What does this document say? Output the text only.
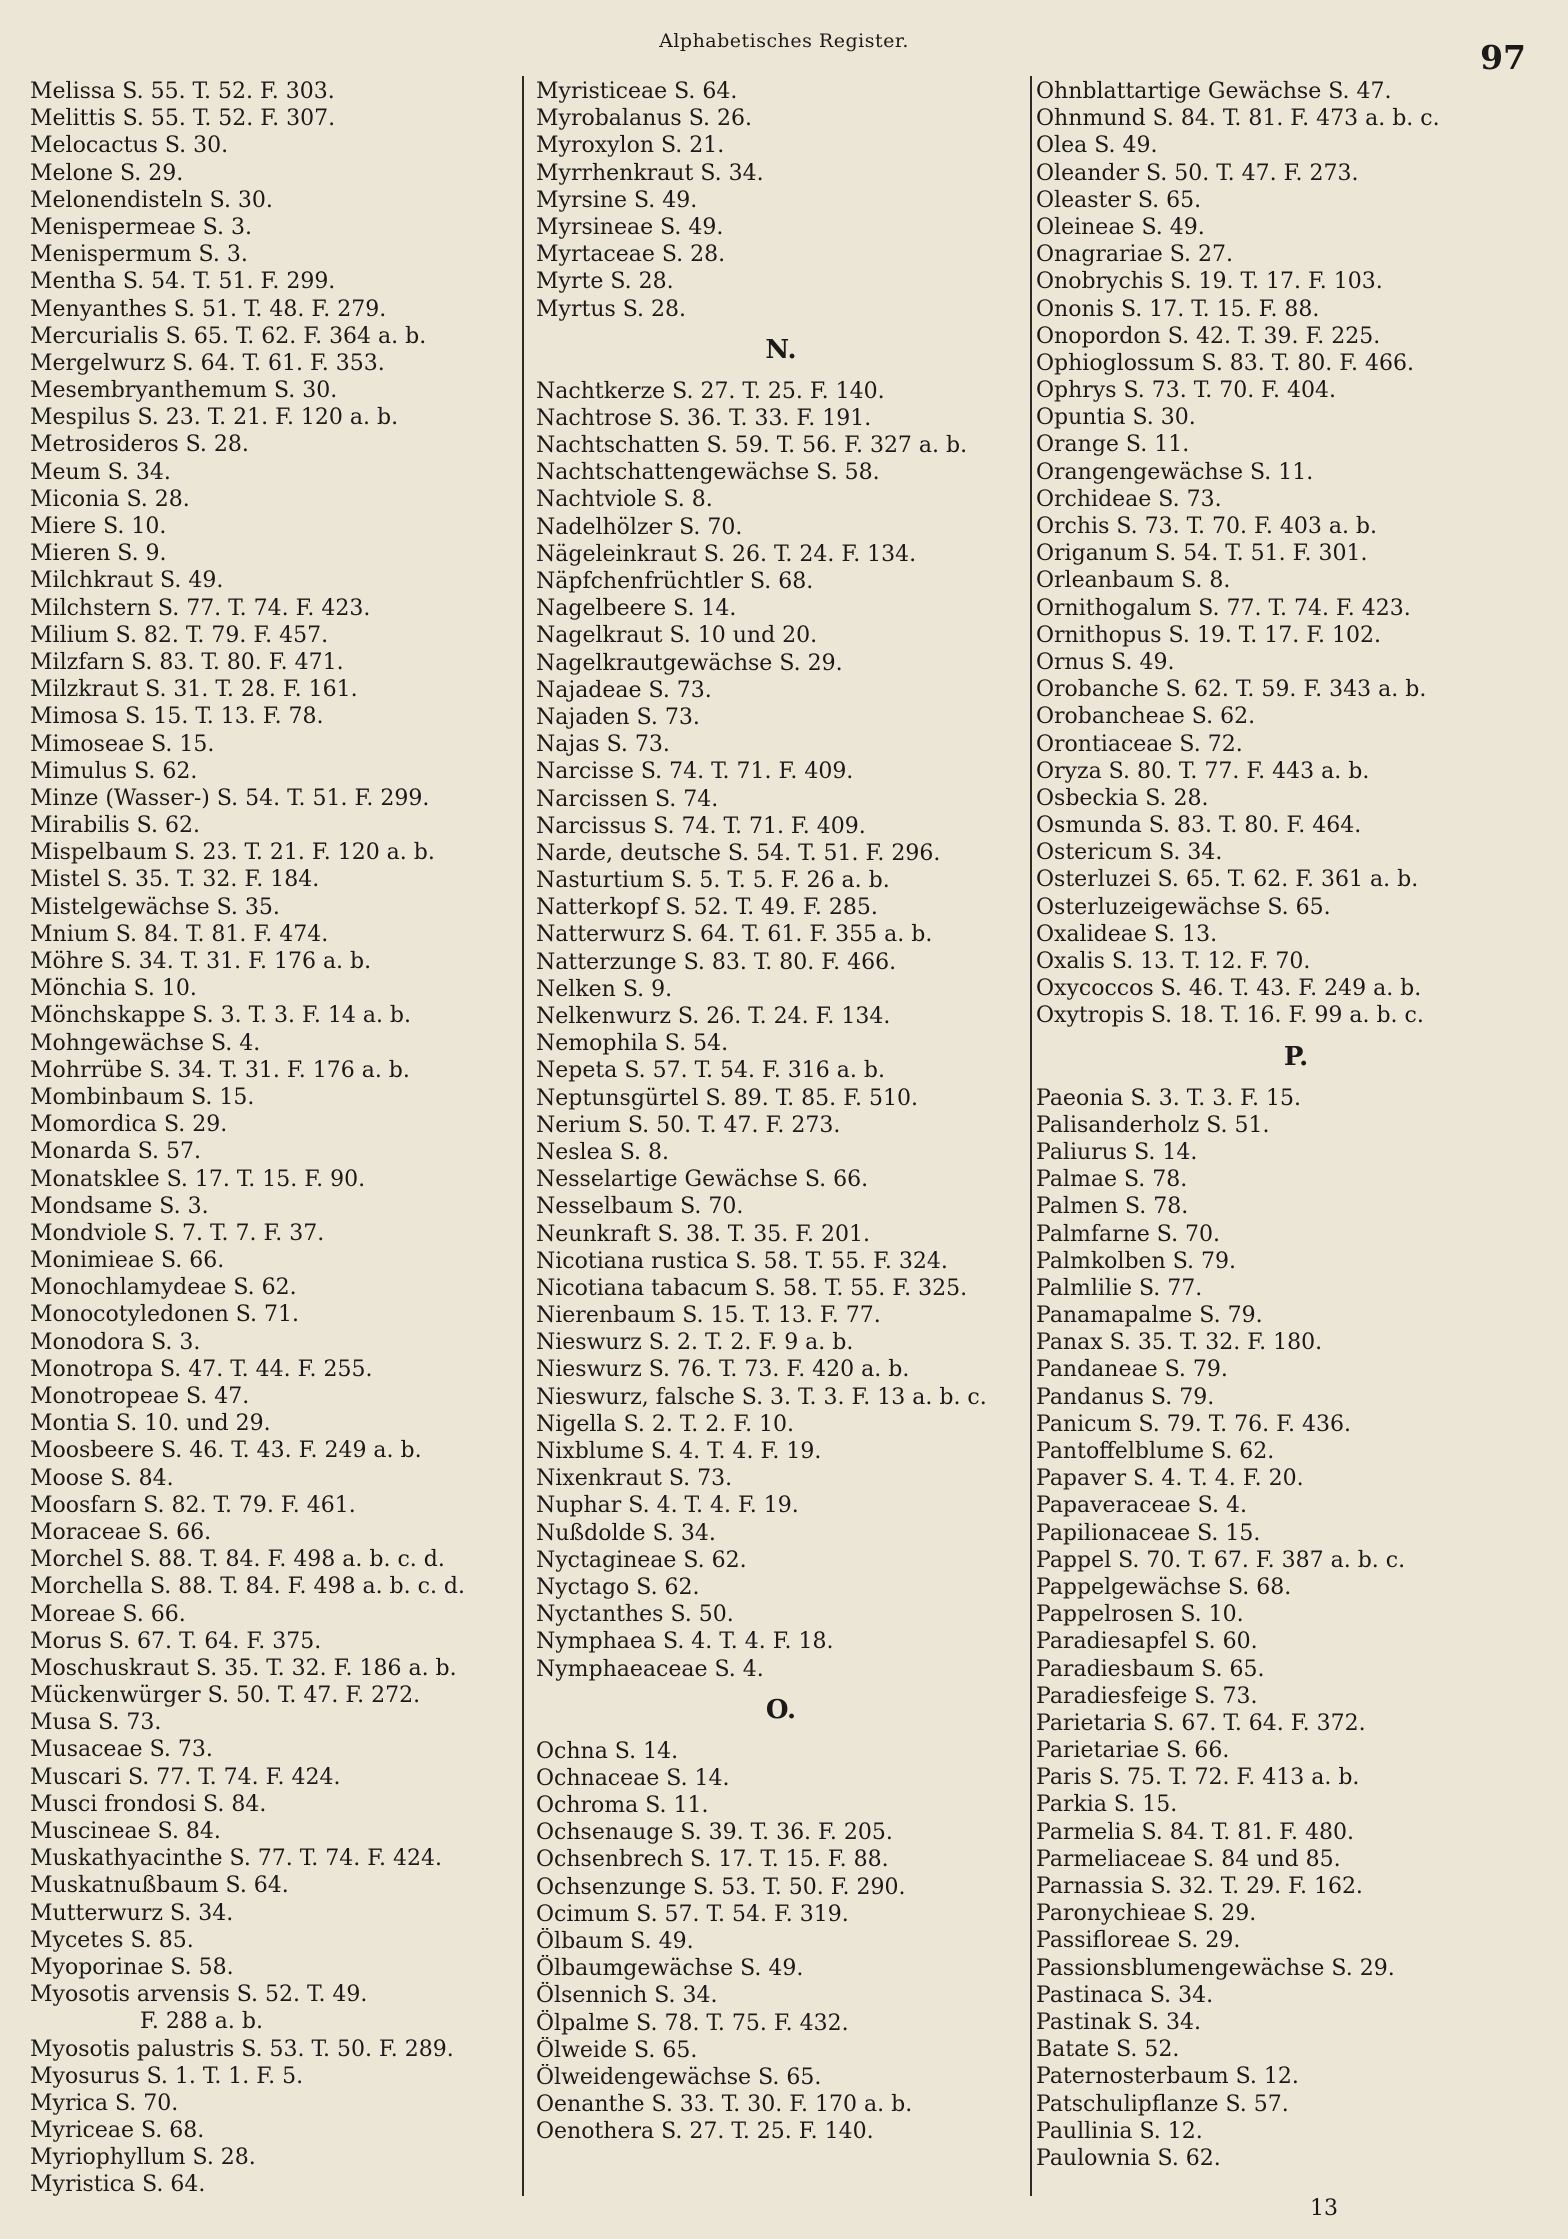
Alphabetisches Register.	97
Melissa S. 55. T. 52. F. 303.
Melittis S. 55. T. 52. F. 307.
Melocactus S. 30.
Melone S. 29.
Melonendisteln S. 30.
Menispermeae S. 3.
Menispermum S. 3.
Mentha S. 54. T. 51. F. 299.
Menyanthes S. 51. T. 48. F. 279.
Mercurialis S. 65. T. 62. F. 364 a. b.
Mergelwurz S. 64. T. 61. F. 353.
Mesembryanthemum S. 30.
Mespilus S. 23. T. 21. F. 120 a. b.
Metrosideros S. 28.
Meum S. 34.
Miconia S. 28.
Miere S. 10.
Mieren S. 9.
Milchkraut S. 49.
Milchstern S. 77. T. 74. F. 423.
Milium S. 82. T. 79. F. 457.
Milzfarn S. 83. T. 80. F. 471.
Milzkraut S. 31. T. 28. F. 161.
Mimosa S. 15. T. 13. F. 78.
Mimoseae S. 15.
Mimulus S. 62.
Minze (Wasser-) S. 54. T. 51. F. 299.
Mirabilis S. 62.
Mispelbaum S. 23. T. 21. F. 120 a. b.
Mistel S. 35. T. 32. F. 184.
Mistelgewächse S. 35.
Mnium S. 84. T. 81. F. 474.
Möhre S. 34. T. 31. F. 176 a. b.
Mönchia S. 10.
Mönchskappe S. 3. T. 3. F. 14 a. b.
Mohngewächse S. 4.
Mohrrübe S. 34. T. 31. F. 176 a. b.
Mombinbaum S. 15.
Momordica S. 29.
Monarda S. 57.
Monatsklee S. 17. T. 15. F. 90.
Mondsame S. 3.
Mondviole S. 7. T. 7. F. 37.
Monimieae S. 66.
Monochlamydeae S. 62.
Monocotyledonen S. 71.
Monodora S. 3.
Monotropa S. 47. T. 44. F. 255.
Monotropeae S. 47.
Montia S. 10. und 29.
Moosbeere S. 46. T. 43. F. 249 a. b.
Moose S. 84.
Moosfarn S. 82. T. 79. F. 461.
Moraceae S. 66.
Morchel S. 88. T. 84. F. 498 a. b. c. d.
Morchella S. 88. T. 84. F. 498 a. b. c. d.
Moreae S. 66.
Morus S. 67. T. 64. F. 375.
Moschuskraut S. 35. T. 32. F. 186 a. b.
Mückenwürger S. 50. T. 47. F. 272.
Musa S. 73.
Musaceae S. 73.
Muscari S. 77. T. 74. F. 424.
Musci frondosi S. 84.
Muscineae S. 84.
Muskathyacinthe S. 77. T. 74. F. 424.
Muskatnußbaum S. 64.
Mutterwurz S. 34.
Mycetes S. 85.
Myoporinae S. 58.
Myosotis arvensis S. 52. T. 49.
F. 288 a. b.
Myosotis palustris S. 53. T. 50. F. 289.
Myosurus S. 1. T. 1. F. 5.
Myrica S. 70.
Myriceae S. 68.
Myriophyllum S. 28.
Myristica S. 64.
Myristiceae S. 64.
Myrobalanus S. 26.
Myroxylon S. 21.
Myrrhenkraut S. 34.
Myrsine S. 49.
Myrsineae S. 49.
Myrtaceae S. 28.
Myrte S. 28.
Myrtus S. 28.
N.
Nachtkerze S. 27. T. 25. F. 140.
Nachtrose S. 36. T. 33. F. 191.
Nachtschatten S. 59. T. 56. F. 327 a. b.
Nachtschattengewächse S. 58.
Nachtviole S. 8.
Nadelhölzer S. 70.
Nägeleinkraut S. 26. T. 24. F. 134.
Näpfchenfrüchtler S. 68.
Nagelbeere S. 14.
Nagelkraut S. 10 und 20.
Nagelkrautgewächse S. 29.
Najadeae S. 73.
Najaden S. 73.
Najas S. 73.
Narcisse S. 74. T. 71. F. 409.
Narcissen S. 74.
Narcissus S. 74. T. 71. F. 409.
Narde, deutsche S. 54. T. 51. F. 296.
Nasturtium S. 5. T. 5. F. 26 a. b.
Natterkopf S. 52. T. 49. F. 285.
Natterwurz S. 64. T. 61. F. 355 a. b.
Natterzunge S. 83. T. 80. F. 466.
Nelken S. 9.
Nelkenwurz S. 26. T. 24. F. 134.
Nemophila S. 54.
Nepeta S. 57. T. 54. F. 316 a. b.
Neptunsgürtel S. 89. T. 85. F. 510.
Nerium S. 50. T. 47. F. 273.
Neslea S. 8.
Nesselartige Gewächse S. 66.
Nesselbaum S. 70.
Neunkraft S. 38. T. 35. F. 201.
Nicotiana rustica S. 58. T. 55. F. 324.
Nicotiana tabacum S. 58. T. 55. F. 325.
Nierenbaum S. 15. T. 13. F. 77.
Nieswurz S. 2. T. 2. F. 9 a. b.
Nieswurz S. 76. T. 73. F. 420 a. b.
Nieswurz, falsche S. 3. T. 3. F. 13 a. b. c.
Nigella S. 2. T. 2. F. 10.
Nixblume S. 4. T. 4. F. 19.
Nixenkraut S. 73.
Nuphar S. 4. T. 4. F. 19.
Nußdolde S. 34.
Nyctagineae S. 62.
Nyctago S. 62.
Nyctanthes S. 50.
Nymphaea S. 4. T. 4. F. 18.
Nymphaeaceae S. 4.
O.
Ochna S. 14.
Ochnaceae S. 14.
Ochroma S. 11.
Ochsenauge S. 39. T. 36. F. 205.
Ochsenbrech S. 17. T. 15. F. 88.
Ochsenzunge S. 53. T. 50. F. 290.
Ocimum S. 57. T. 54. F. 319.
Ölbaum S. 49.
Ölbaumgewächse S. 49.
Ölsennich S. 34.
Ölpalme S. 78. T. 75. F. 432.
Ölweide S. 65.
Ölweidengewächse S. 65.
Oenanthe S. 33. T. 30. F. 170 a. b.
Oenothera S. 27. T. 25. F. 140.
Ohnblattartige Gewächse S. 47.
Ohnmund S. 84. T. 81. F. 473 a. b. c.
Olea S. 49.
Oleander S. 50. T. 47. F. 273.
Oleaster S. 65.
Oleineae S. 49.
Onagrariae S. 27.
Onobrychis S. 19. T. 17. F. 103.
Ononis S. 17. T. 15. F. 88.
Onopordon S. 42. T. 39. F. 225.
Ophioglossum S. 83. T. 80. F. 466.
Ophrys S. 73. T. 70. F. 404.
Opuntia S. 30.
Orange S. 11.
Orangengewächse S. 11.
Orchideae S. 73.
Orchis S. 73. T. 70. F. 403 a. b.
Origanum S. 54. T. 51. F. 301.
Orleanbaum S. 8.
Ornithogalum S. 77. T. 74. F. 423.
Ornithopus S. 19. T. 17. F. 102.
Ornus S. 49.
Orobanche S. 62. T. 59. F. 343 a. b.
Orobancheae S. 62.
Orontiaceae S. 72.
Oryza S. 80. T. 77. F. 443 a. b.
Osbeckia S. 28.
Osmunda S. 83. T. 80. F. 464.
Ostericum S. 34.
Osterluzei S. 65. T. 62. F. 361 a. b.
Osterluzeigewächse S. 65.
Oxalideae S. 13.
Oxalis S. 13. T. 12. F. 70.
Oxycoccos S. 46. T. 43. F. 249 a. b.
Oxytropis S. 18. T. 16. F. 99 a. b. c.
P.
Paeonia S. 3. T. 3. F. 15.
Palisanderholz S. 51.
Paliurus S. 14.
Palmae S. 78.
Palmen S. 78.
Palmfarne S. 70.
Palmkolben S. 79.
Palmlilie S. 77.
Panamapalme S. 79.
Panax S. 35. T. 32. F. 180.
Pandaneae S. 79.
Pandanus S. 79.
Panicum S. 79. T. 76. F. 436.
Pantoffelblume S. 62.
Papaver S. 4. T. 4. F. 20.
Papaveraceae S. 4.
Papilionaceae S. 15.
Pappel S. 70. T. 67. F. 387 a. b. c.
Pappelgewächse S. 68.
Pappelrosen S. 10.
Paradiesapfel S. 60.
Paradiesbaum S. 65.
Paradiesfeige S. 73.
Parietaria S. 67. T. 64. F. 372.
Parietariae S. 66.
Paris S. 75. T. 72. F. 413 a. b.
Parkia S. 15.
Parmelia S. 84. T. 81. F. 480.
Parmeliaceae S. 84 und 85.
Parnassia S. 32. T. 29. F. 162.
Paronychieae S. 29.
Passifloreae S. 29.
Passionsblumengewächse S. 29.
Pastinaca S. 34.
Pastinak S. 34.
Batate S. 52.
Paternosterbaum S. 12.
Patschulipflanze S. 57.
Paullinia S. 12.
Paulownia S. 62.
13
